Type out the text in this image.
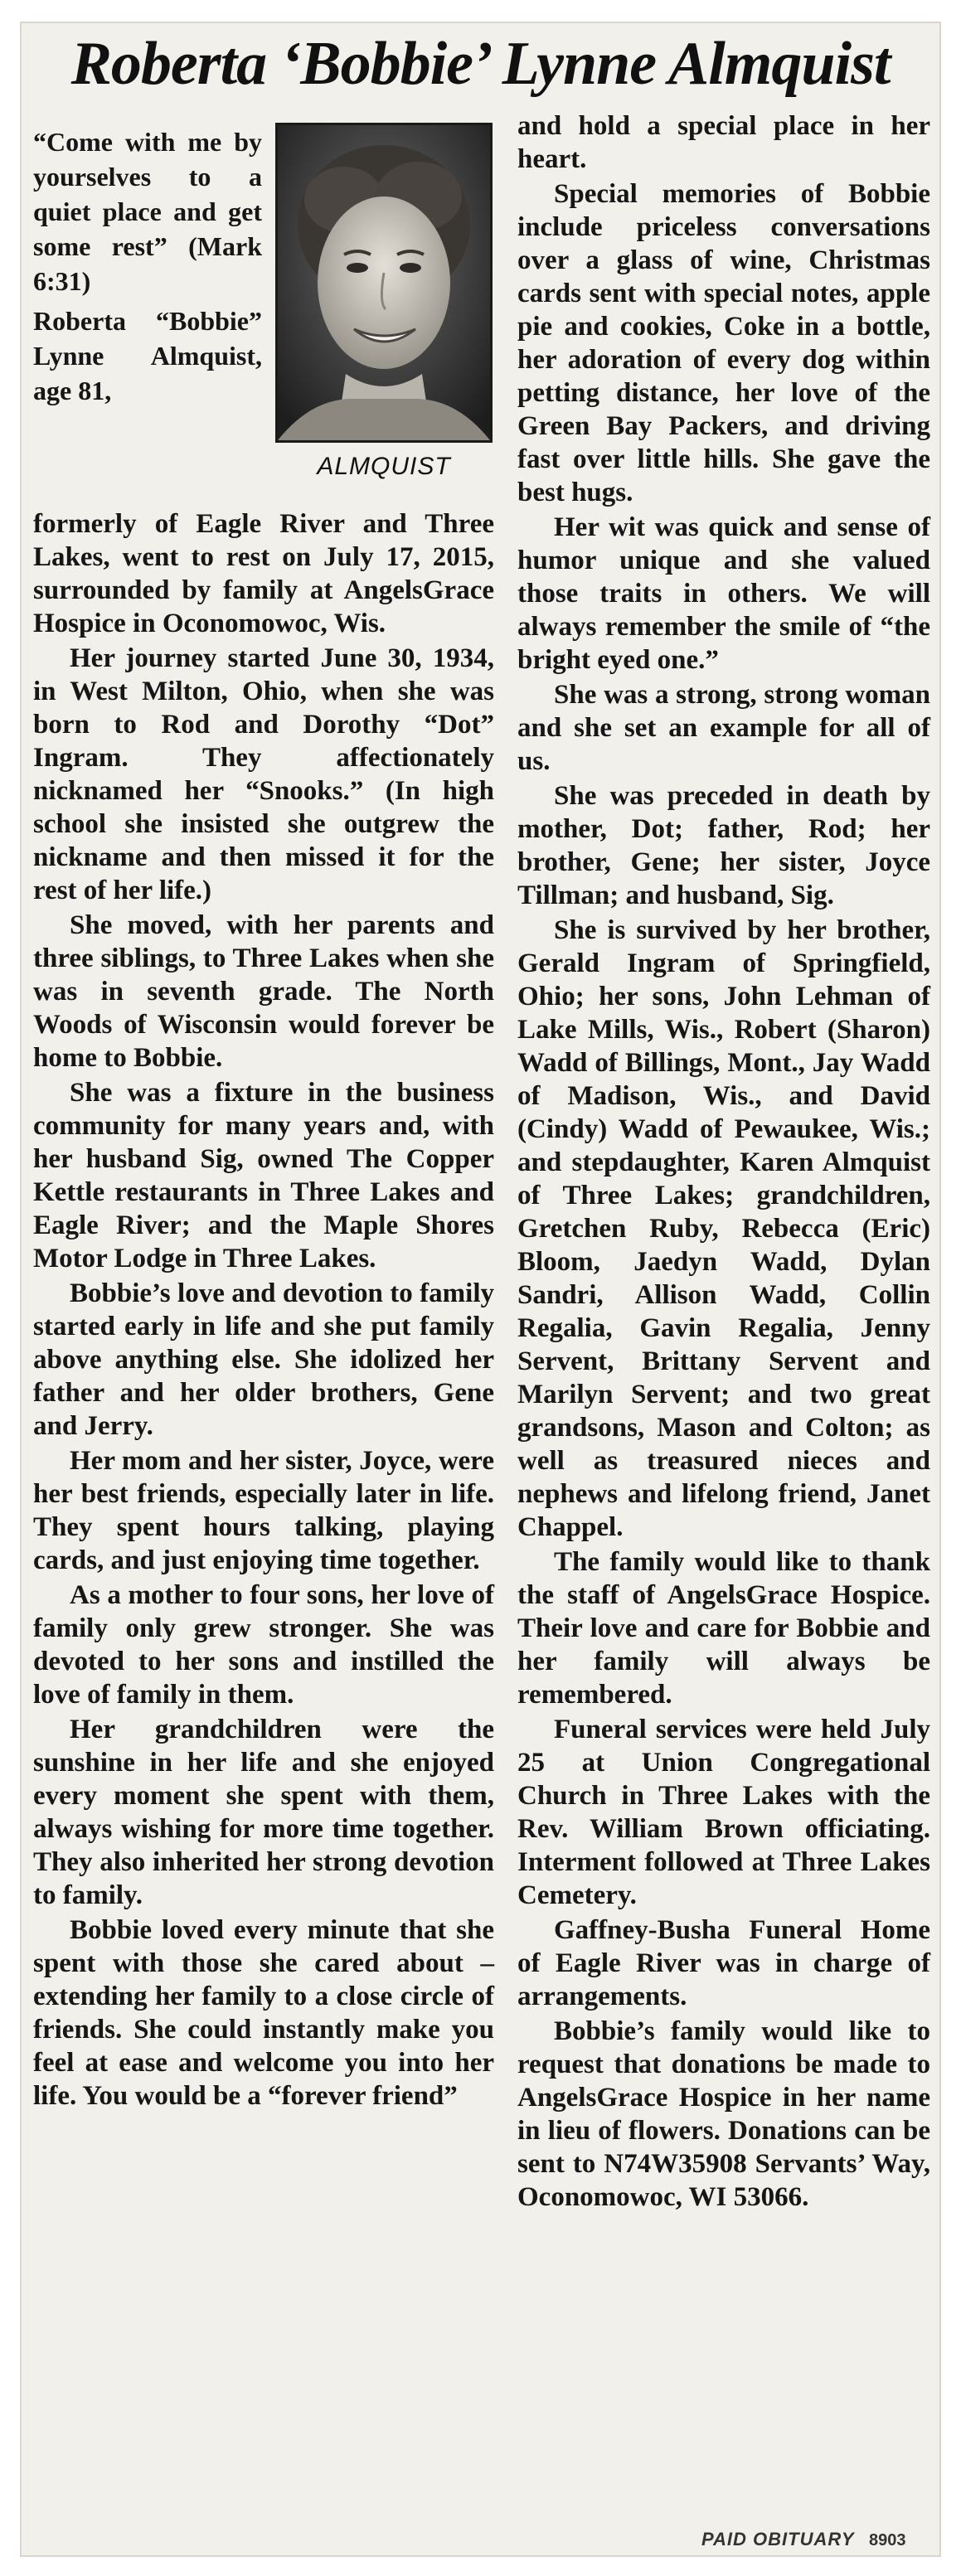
Roberta ‘Bobbie’ Lynne Almquist
ALMQUIST

“Come with me by yourselves to a quiet place and get some rest” (Mark 6:31)

Roberta “Bobbie” Lynne Almquist, age 81,

formerly of Eagle River and Three Lakes, went to rest on July 17, 2015, surrounded by family at AngelsGrace Hospice in Oconomowoc, Wis.

Her journey started June 30, 1934, in West Milton, Ohio, when she was born to Rod and Dorothy “Dot” Ingram. They affectionately nicknamed her “Snooks.” (In high school she insisted she outgrew the nickname and then missed it for the rest of her life.)

She moved, with her parents and three siblings, to Three Lakes when she was in seventh grade. The North Woods of Wisconsin would forever be home to Bobbie.

She was a fixture in the business community for many years and, with her husband Sig, owned The Copper Kettle restaurants in Three Lakes and Eagle River; and the Maple Shores Motor Lodge in Three Lakes.

Bobbie’s love and devotion to family started early in life and she put family above anything else. She idolized her father and her older brothers, Gene and Jerry.

Her mom and her sister, Joyce, were her best friends, especially later in life. They spent hours talking, playing cards, and just enjoying time together.

As a mother to four sons, her love of family only grew stronger. She was devoted to her sons and instilled the love of family in them.

Her grandchildren were the sunshine in her life and she enjoyed every moment she spent with them, always wishing for more time together. They also inherited her strong devotion to family.

Bobbie loved every minute that she spent with those she cared about – extending her family to a close circle of friends. She could instantly make you feel at ease and welcome you into her life. You would be a “forever friend”

and hold a special place in her heart.

Special memories of Bobbie include priceless conversations over a glass of wine, Christmas cards sent with special notes, apple pie and cookies, Coke in a bottle, her adoration of every dog within petting distance, her love of the Green Bay Packers, and driving fast over little hills. She gave the best hugs.

Her wit was quick and sense of humor unique and she valued those traits in others. We will always remember the smile of “the bright eyed one.”

She was a strong, strong woman and she set an example for all of us.

She was preceded in death by mother, Dot; father, Rod; her brother, Gene; her sister, Joyce Tillman; and husband, Sig.

She is survived by her brother, Gerald Ingram of Springfield, Ohio; her sons, John Lehman of Lake Mills, Wis., Robert (Sharon) Wadd of Billings, Mont., Jay Wadd of Madison, Wis., and David (Cindy) Wadd of Pewaukee, Wis.; and stepdaughter, Karen Almquist of Three Lakes; grandchildren, Gretchen Ruby, Rebecca (Eric) Bloom, Jaedyn Wadd, Dylan Sandri, Allison Wadd, Collin Regalia, Gavin Regalia, Jenny Servent, Brittany Servent and Marilyn Servent; and two great grandsons, Mason and Colton; as well as treasured nieces and nephews and lifelong friend, Janet Chappel.

The family would like to thank the staff of AngelsGrace Hospice. Their love and care for Bobbie and her family will always be remembered.

Funeral services were held July 25 at Union Congregational Church in Three Lakes with the Rev. William Brown officiating. Interment followed at Three Lakes Cemetery.

Gaffney-Busha Funeral Home of Eagle River was in charge of arrangements.

Bobbie’s family would like to request that donations be made to AngelsGrace Hospice in her name in lieu of flowers. Donations can be sent to N74W35908 Servants’ Way, Oconomowoc, WI 53066.

PAID OBITUARY 8903
